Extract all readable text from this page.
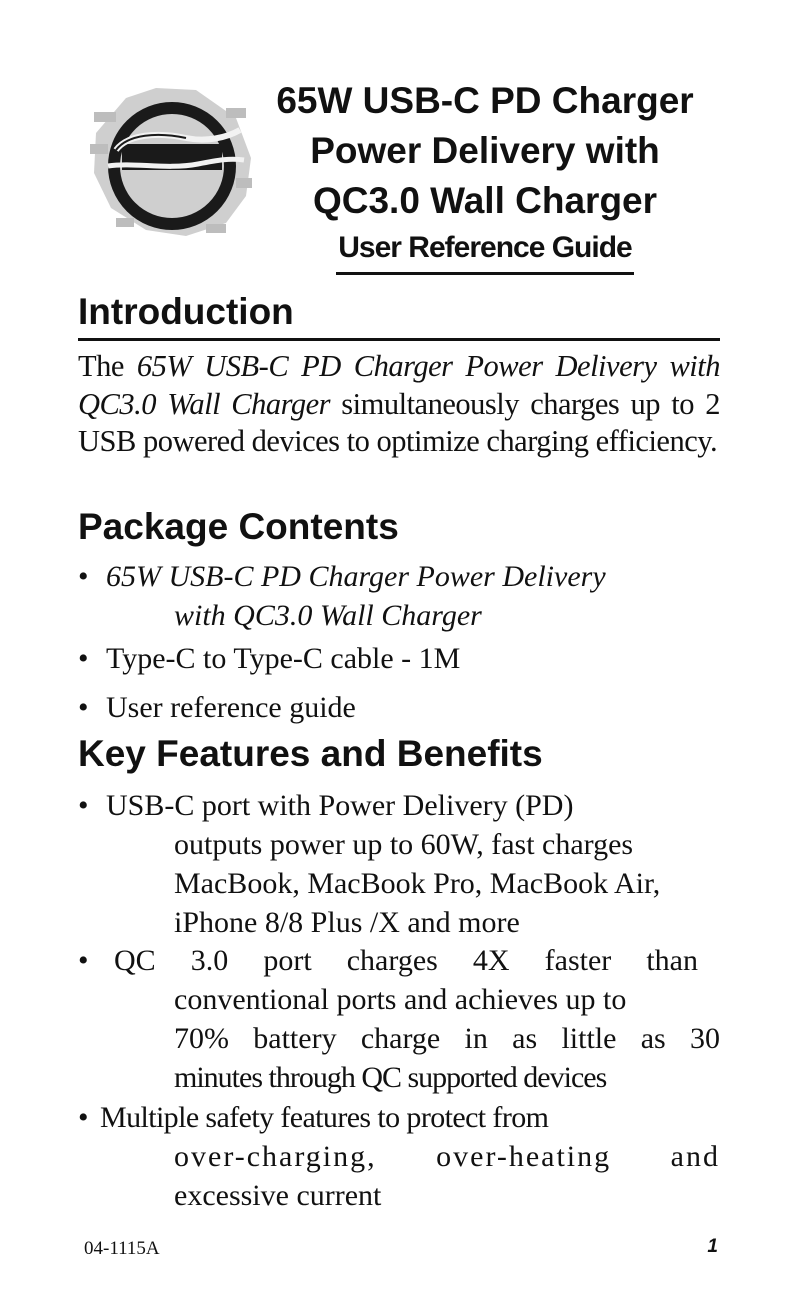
65W USB-C PD Charger
Power Delivery with
QC3.0 Wall Charger
User Reference Guide
Introduction
The 65W USB-C PD Charger Power Delivery with QC3.0 Wall Charger simultaneously charges up to 2 USB powered devices to optimize charging efficiency.
Package Contents
• 65W USB-C PD Charger Power Delivery
with QC3.0 Wall Charger
• Type-C to Type-C cable - 1M
• User reference guide
Key Features and Benefits
• USB-C port with Power Delivery (PD)
outputs power up to 60W, fast charges
MacBook, MacBook Pro, MacBook Air,
iPhone 8/8 Plus /X and more
• QC 3.0 port charges 4X faster than
conventional ports and achieves up to
70% battery charge in as little as 30
minutes through QC supported devices
• Multiple safety features to protect from
over-charging, over-heating and
excessive current
04-1115A	1
